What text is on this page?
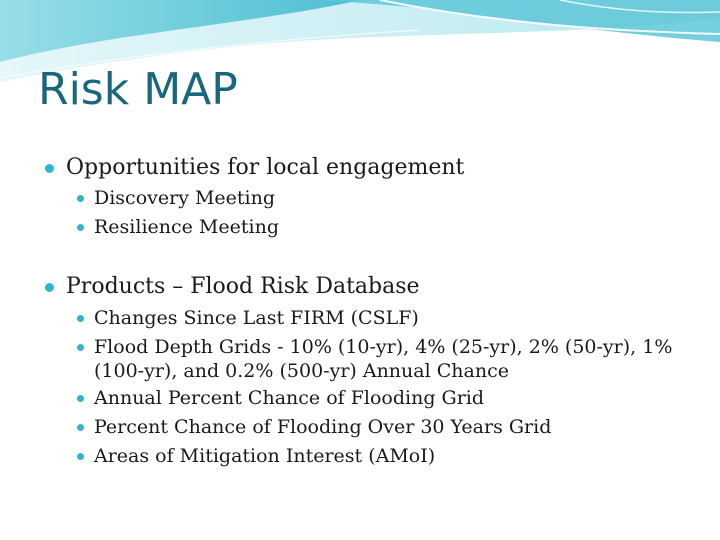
Risk MAP

Opportunities for local engagement

Discovery Meeting

Resilience Meeting

Products – Flood Risk Database

Changes Since Last FIRM (CSLF)

Flood Depth Grids - 10% (10-yr), 4% (25-yr), 2% (50-yr), 1% (100-yr), and 0.2% (500-yr) Annual Chance

Annual Percent Chance of Flooding Grid

Percent Chance of Flooding Over 30 Years Grid

Areas of Mitigation Interest (AMoI)
